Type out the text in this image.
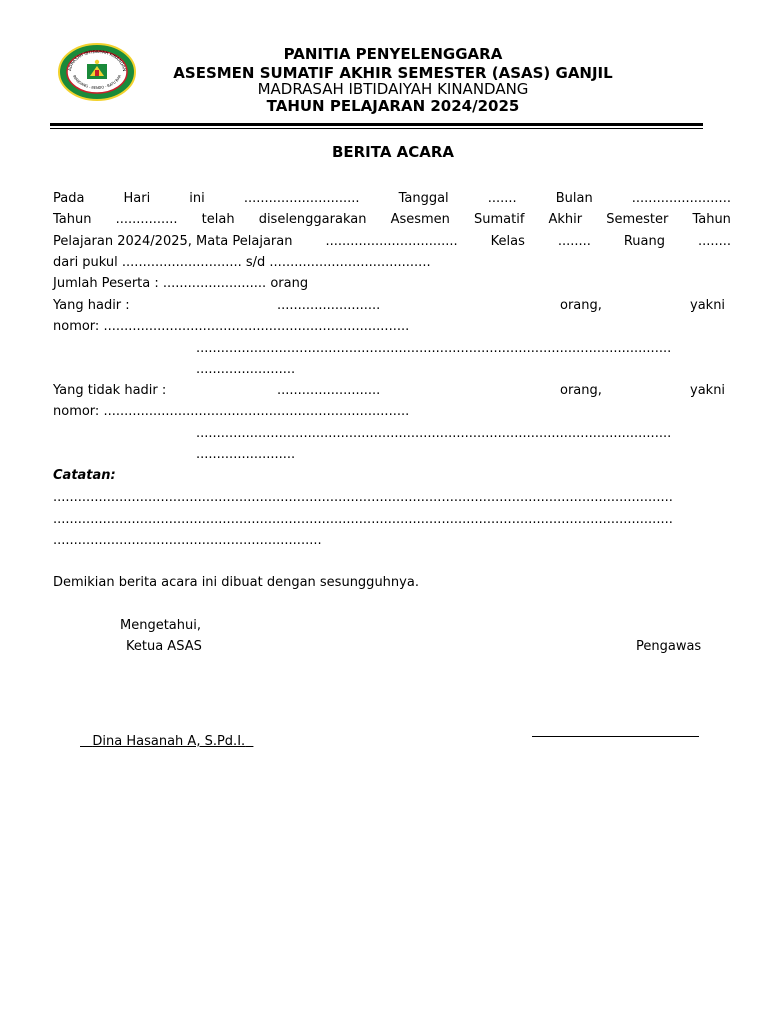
ADRASAH IBTIDAIYAH KINANDAN
INANDANG - BENDO - BATU BAR
PANITIA PENYELENGGARA
ASESMEN SUMATIF AKHIR SEMESTER (ASAS) GANJIL
MADRASAH IBTIDAIYAH KINANDANG
TAHUN PELAJARAN 2024/2025
BERITA ACARA
Pada	Hari	ini	............................	Tanggal	.......	Bulan	........................
Tahun ............... telah diselenggarakan Asesmen Sumatif Akhir Semester Tahun
Pelajaran 2024/2025, Mata Pelajaran	................................	Kelas	........	Ruang	........
dari pukul ............................. s/d .......................................
Jumlah Peserta : ......................... orang
Yang hadir :	.........................	orang,	yakni
nomor: ..........................................................................
...................................................................................................................
........................
Yang tidak hadir :	.........................	orang,	yakni
nomor: ..........................................................................
...................................................................................................................
........................
Catatan:
......................................................................................................................................................
......................................................................................................................................................
.................................................................
Demikian berita acara ini dibuat dengan sesungguhnya.
Mengetahui,
Ketua ASAS	Pengawas
Dina Hasanah A, S.Pd.I.
